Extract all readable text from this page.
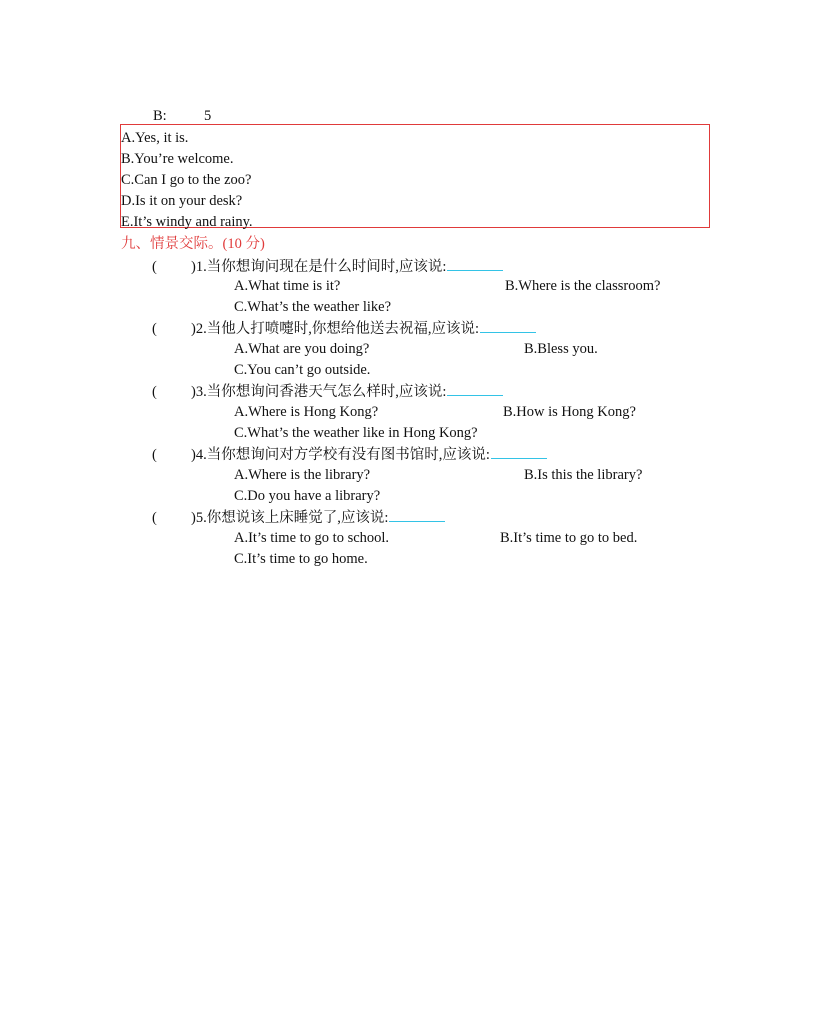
B:	5
A.Yes, it is.
B.You’re welcome.
C.Can I go to the zoo?
D.Is it on your desk?
E.It’s windy and rainy.
九、情景交际。(10 分)
( )1.当你想询问现在是什么时间时,应该说:
A.What time is it?	B.Where is the classroom?
C.What’s the weather like?
( )2.当他人打喷嚏时,你想给他送去祝福,应该说:
A.What are you doing?	B.Bless you.
C.You can’t go outside.
( )3.当你想询问香港天气怎么样时,应该说:
A.Where is Hong Kong?	B.How is Hong Kong?
C.What’s the weather like in Hong Kong?
( )4.当你想询问对方学校有没有图书馆时,应该说:
A.Where is the library?	B.Is this the library?
C.Do you have a library?
( )5.你想说该上床睡觉了,应该说:
A.It’s time to go to school.	B.It’s time to go to bed.
C.It’s time to go home.
